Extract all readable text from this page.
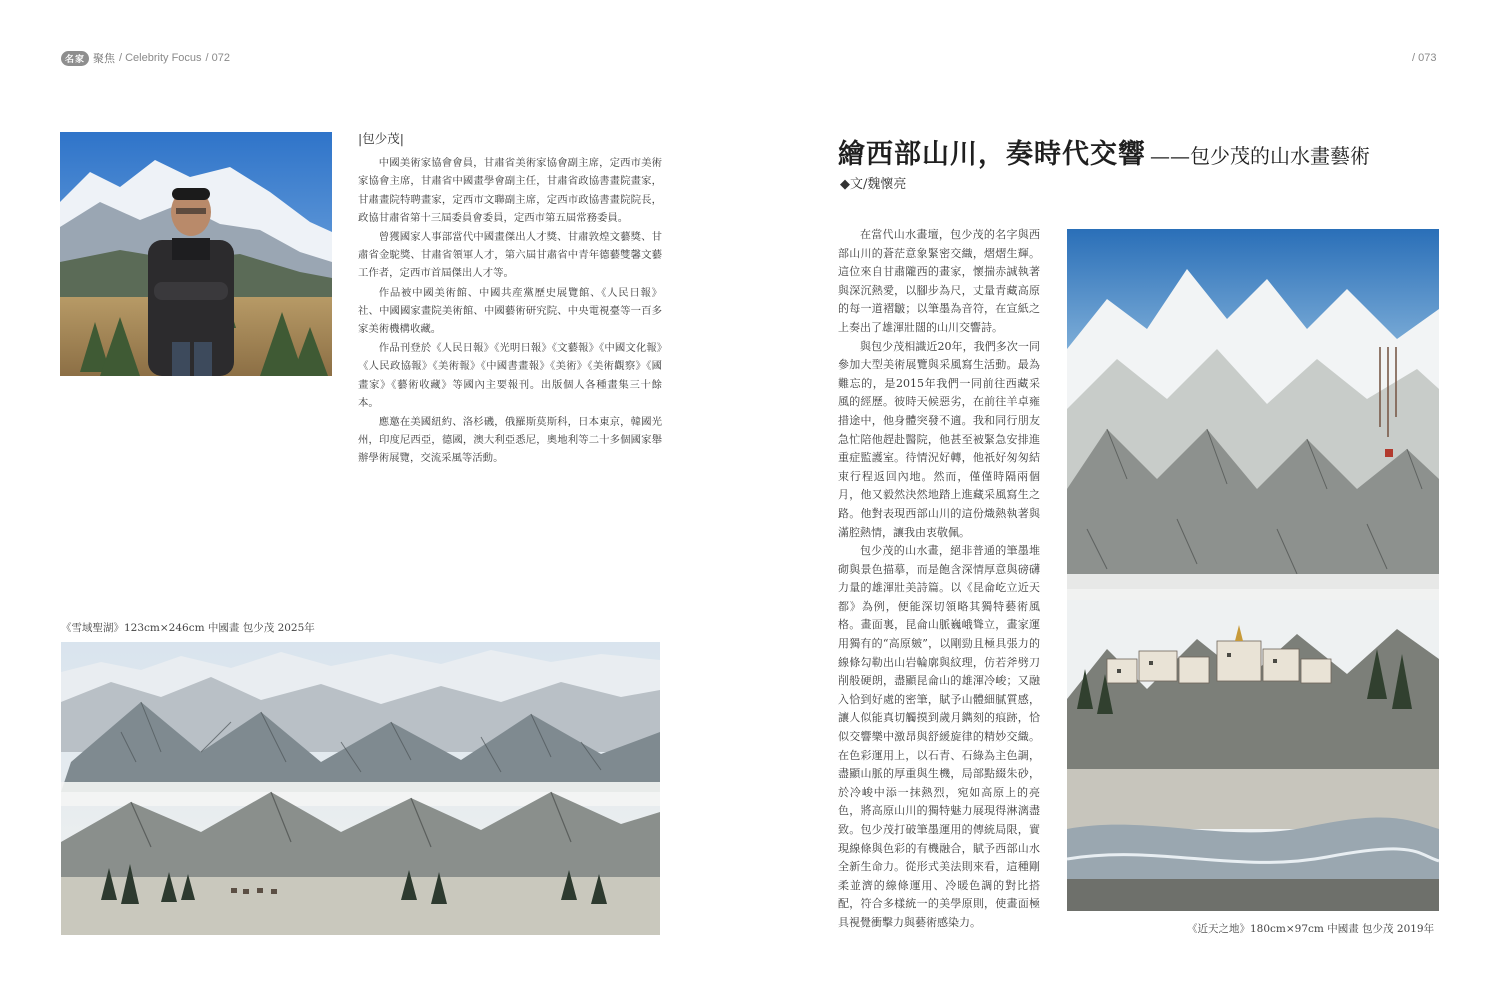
名家 聚焦 / Celebrity Focus / 072	/ 073
|包少茂|

中國美術家協會會員，甘肅省美術家協會副主席，定西市美術家協會主席，甘肅省中國畫學會副主任，甘肅省政協書畫院畫家，甘肅畫院特聘畫家，定西市文聯副主席，定西市政協書畫院院長，政協甘肅省第十三屆委員會委員，定西市第五屆常務委員。

曾獲國家人事部當代中國畫傑出人才獎、甘肅敦煌文藝獎、甘肅省金駝獎、甘肅省領軍人才，第六屆甘肅省中青年德藝雙馨文藝工作者，定西市首屆傑出人才等。

作品被中國美術館、中國共産黨歷史展覽館、《人民日報》社、中國國家畫院美術館、中國藝術研究院、中央電視臺等一百多家美術機構收藏。

作品刊登於《人民日報》《光明日報》《文藝報》《中國文化報》《人民政協報》《美術報》《中國書畫報》《美術》《美術觀察》《國畫家》《藝術收藏》等國內主要報刊。出版個人各種畫集三十餘本。

應邀在美國紐約、洛杉磯，俄羅斯莫斯科，日本東京，韓國光州，印度尼西亞，德國，澳大利亞悉尼，奧地利等二十多個國家舉辦學術展覽，交流采風等活動。

《雪域聖湖》123cm×246cm 中國畫 包少茂 2025年
繪西部山川，奏時代交響 ——包少茂的山水畫藝術
◆文/魏懷亮

在當代山水畫壇，包少茂的名字與西部山川的蒼茫意象緊密交織，熠熠生輝。這位來自甘肅隴西的畫家，懷揣赤誠執著與深沉熱愛，以腳步為尺，丈量青藏高原的每一道褶皺；以筆墨為音符，在宣紙之上奏出了雄渾壯闊的山川交響詩。

與包少茂相識近20年，我們多次一同參加大型美術展覽與采風寫生活動。最為難忘的，是2015年我們一同前往西藏采風的經歷。彼時天候惡劣，在前往羊卓雍措途中，他身體突發不適。我和同行朋友急忙陪他趕赴醫院，他甚至被緊急安排進重症監護室。待情況好轉，他祇好匆匆結束行程返回內地。然而，僅僅時隔兩個月，他又毅然決然地踏上進藏采風寫生之路。他對表現西部山川的這份熾熱執著與滿腔熱情，讓我由衷敬佩。

包少茂的山水畫，絕非普通的筆墨堆砌與景色描摹，而是飽含深情厚意與磅礴力量的雄渾壯美詩篇。以《昆侖屹立近天都》為例，便能深切領略其獨特藝術風格。畫面裏，昆侖山脈巍峨聳立，畫家運用獨有的“高原皴”，以剛勁且極具張力的線條勾勒出山岩輪廓與紋理，仿若斧劈刀削般硬朗，盡顯昆侖山的雄渾冷峻；又融入恰到好處的密筆，賦予山體細膩質感，讓人似能真切觸摸到歲月鐫刻的痕跡，恰似交響樂中激昂與舒緩旋律的精妙交織。在色彩運用上，以石青、石綠為主色調，盡顯山脈的厚重與生機，局部點綴朱砂，於冷峻中添一抹熱烈，宛如高原上的亮色，將高原山川的獨特魅力展現得淋漓盡致。包少茂打破筆墨運用的傳統局限，實現線條與色彩的有機融合，賦予西部山水全新生命力。從形式美法則來看，這種剛柔並濟的線條運用、冷暖色調的對比搭配，符合多樣統一的美學原則，使畫面極具視覺衝擊力與藝術感染力。

《近天之地》180cm×97cm 中國畫 包少茂 2019年
